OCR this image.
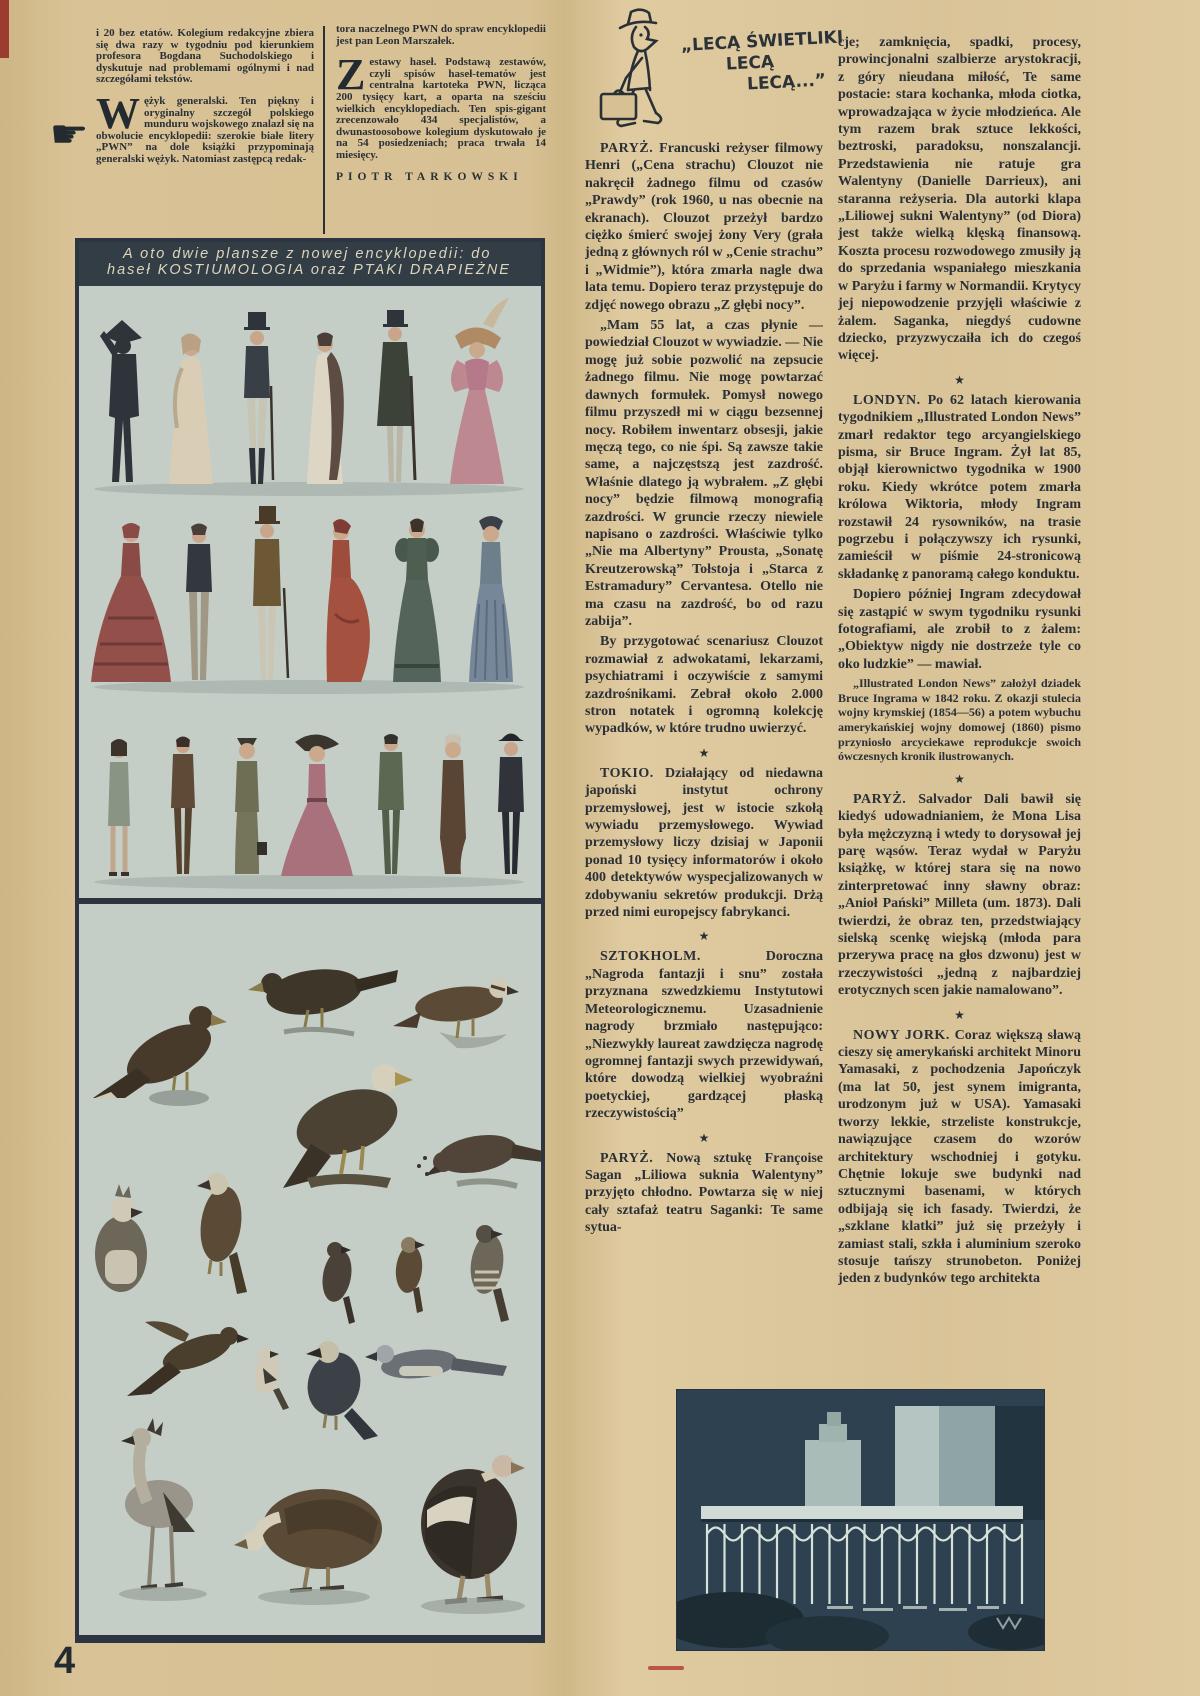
☛

i 20 bez etatów. Kolegium redakcyjne zbiera się dwa razy w tygodniu pod kierunkiem profesora Bogdana Suchodolskiego i dyskutuje nad problemami ogólnymi i nad szczegółami tekstów.

Wężyk generalski. Ten piękny i oryginalny szczegół polskiego munduru wojskowego znalazł się na obwolucie encyklopedii: szerokie białe litery „PWN” na dole książki przypominają generalski wężyk. Natomiast zastępcą redak-

tora naczelnego PWN do spraw encyklopedii jest pan Leon Marszałek.

Zestawy haseł. Podstawą zestawów, czyli spisów haseł-tematów jest centralna kartoteka PWN, licząca 200 tysięcy kart, a oparta na sześciu wielkich encyklopediach. Ten spis-gigant zrecenzowało 434 specjalistów, a dwunastoosobowe kolegium dyskutowało je na 54 posiedzeniach; praca trwała 14 miesięcy.

PIOTR TARKOWSKI
A oto dwie plansze z nowej encyklopedii: do
haseł KOSTIUMOLOGIA oraz PTAKI DRAPIEŻNE
4
„LECĄ ŚWIETLIKI
LECĄ
LECĄ...”

PARYŻ. Francuski reżyser filmowy Henri („Cena strachu) Clouzot nie nakręcił żadnego filmu od czasów „Prawdy” (rok 1960, u nas obecnie na ekranach). Clouzot przeżył bardzo ciężko śmierć swojej żony Very (grała jedną z głównych ról w „Cenie strachu” i „Widmie”), która zmarła nagle dwa lata temu. Dopiero teraz przystępuje do zdjęć nowego obrazu „Z głębi nocy”.

„Mam 55 lat, a czas płynie — powiedział Clouzot w wywiadzie. — Nie mogę już sobie pozwolić na zepsucie żadnego filmu. Nie mogę powtarzać dawnych formułek. Pomysł nowego filmu przyszedł mi w ciągu bezsennej nocy. Robiłem inwentarz obsesji, jakie męczą tego, co nie śpi. Są zawsze takie same, a najczęstszą jest zazdrość. Właśnie dlatego ją wybrałem. „Z głębi nocy” będzie filmową monografią zazdrości. W gruncie rzeczy niewiele napisano o zazdrości. Właściwie tylko „Nie ma Albertyny” Prousta, „Sonatę Kreutzerowską” Tołstoja i „Starca z Estramadury” Cervantesa. Otello nie ma czasu na zazdrość, bo od razu zabija”.

By przygotować scenariusz Clouzot rozmawiał z adwokatami, lekarzami, psychiatrami i oczywiście z samymi zazdrośnikami. Zebrał około 2.000 stron notatek i ogromną kolekcję wypadków, w które trudno uwierzyć.

★

TOKIO. Działający od niedawna japoński instytut ochrony przemysłowej, jest w istocie szkołą wywiadu przemysłowego. Wywiad przemysłowy liczy dzisiaj w Japonii ponad 10 tysięcy informatorów i około 400 detektywów wyspecjalizowanych w zdobywaniu sekretów produkcji. Drżą przed nimi europejscy fabrykanci.

★

SZTOKHOLM. Doroczna „Nagroda fantazji i snu” została przyznana szwedzkiemu Instytutowi Meteorologicznemu. Uzasadnienie nagrody brzmiało następująco: „Niezwykły laureat zawdzięcza nagrodę ogromnej fantazji swych przewidywań, które dowodzą wielkiej wyobraźni poetyckiej, gardzącej płaską rzeczywistością”

★

PARYŻ. Nową sztukę Françoise Sagan „Liliowa suknia Walentyny” przyjęto chłodno. Powtarza się w niej cały sztafaż teatru Saganki: Te same sytua-

cje; zamknięcia, spadki, procesy, prowincjonalni szalbierze arystokracji, z góry nieudana miłość, Te same postacie: stara kochanka, młoda ciotka, wprowadzająca w życie młodzieńca. Ale tym razem brak sztuce lekkości, beztroski, paradoksu, nonszalancji. Przedstawienia nie ratuje gra Walentyny (Danielle Darrieux), ani staranna reżyseria. Dla autorki klapa „Liliowej sukni Walentyny” (od Diora) jest także wielką klęską finansową. Koszta procesu rozwodowego zmusiły ją do sprzedania wspaniałego mieszkania w Paryżu i farmy w Normandii. Krytycy jej niepowodzenie przyjęli właściwie z żalem. Saganka, niegdyś cudowne dziecko, przyzwyczaiła ich do czegoś więcej.

★

LONDYN. Po 62 latach kierowania tygodnikiem „Illustrated London News” zmarł redaktor tego arcyangielskiego pisma, sir Bruce Ingram. Żył lat 85, objął kierownictwo tygodnika w 1900 roku. Kiedy wkrótce potem zmarła królowa Wiktoria, młody Ingram rozstawił 24 rysowników, na trasie pogrzebu i połączywszy ich rysunki, zamieścił w piśmie 24-stronicową składankę z panoramą całego konduktu.

Dopiero później Ingram zdecydował się zastąpić w swym tygodniku rysunki fotografiami, ale zrobił to z żalem: „Obiektyw nigdy nie dostrzeże tyle co oko ludzkie” — mawiał.

„Illustrated London News” założył dziadek Bruce Ingrama w 1842 roku. Z okazji stulecia wojny krymskiej (1854—56) a potem wybuchu amerykańskiej wojny domowej (1860) pismo przyniosło arcyciekawe reprodukcje swoich ówczesnych kronik ilustrowanych.

★

PARYŻ. Salvador Dali bawił się kiedyś udowadnianiem, że Mona Lisa była mężczyzną i wtedy to dorysował jej parę wąsów. Teraz wydał w Paryżu książkę, w której stara się na nowo zinterpretować inny sławny obraz: „Anioł Pański” Milleta (um. 1873). Dali twierdzi, że obraz ten, przedstwiający sielską scenkę wiejską (młoda para przerywa pracę na głos dzwonu) jest w rzeczywistości „jedną z najbardziej erotycznych scen jakie namalowano”.

★

NOWY JORK. Coraz większą sławą cieszy się amerykański architekt Minoru Yamasaki, z pochodzenia Japończyk (ma lat 50, jest synem imigranta, urodzonym już w USA). Yamasaki tworzy lekkie, strzeliste konstrukcje, nawiązujące czasem do wzorów architektury wschodniej i gotyku. Chętnie lokuje swe budynki nad sztucznymi basenami, w których odbijają się ich fasady. Twierdzi, że „szklane klatki” już się przeżyły i zamiast stali, szkła i aluminium szeroko stosuje tańszy strunobeton. Poniżej jeden z budynków tego architekta
